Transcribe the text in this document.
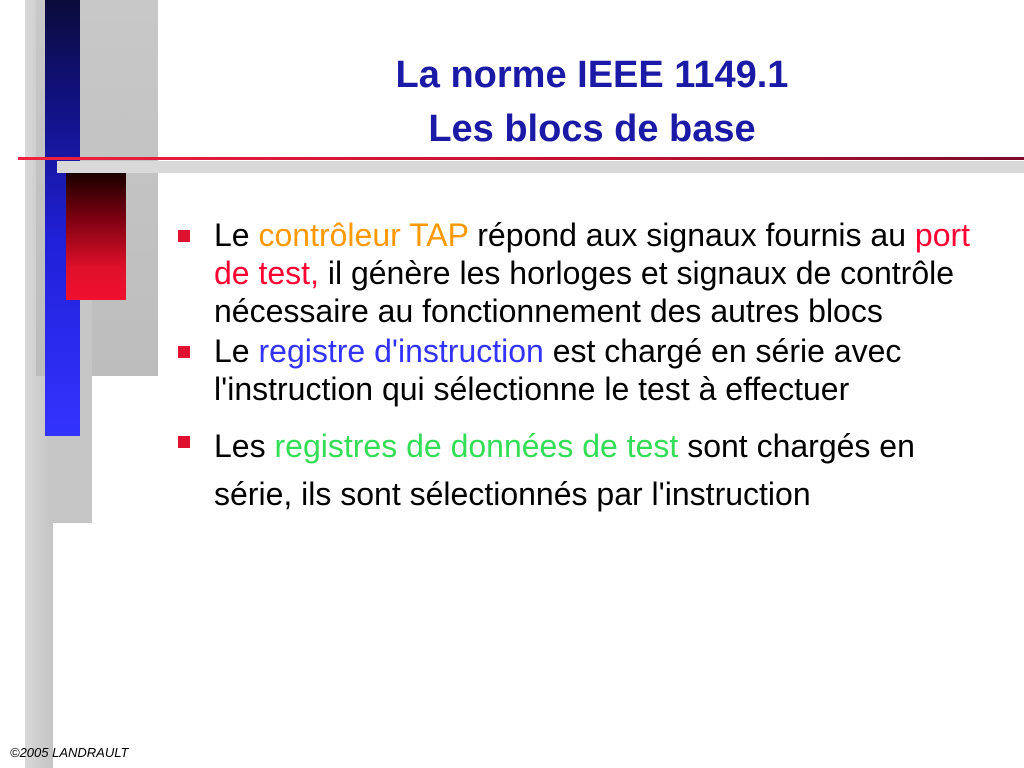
La norme IEEE 1149.1
Les blocs de base
Le contrôleur TAP répond aux signaux fournis au port de test, il génère les horloges et signaux de contrôle nécessaire au fonctionnement des autres blocs
Le registre d'instruction est chargé en série avec l'instruction qui sélectionne le test à effectuer
Les registres de données de test sont chargés en série, ils sont sélectionnés par l'instruction
©2005 LANDRAULT
